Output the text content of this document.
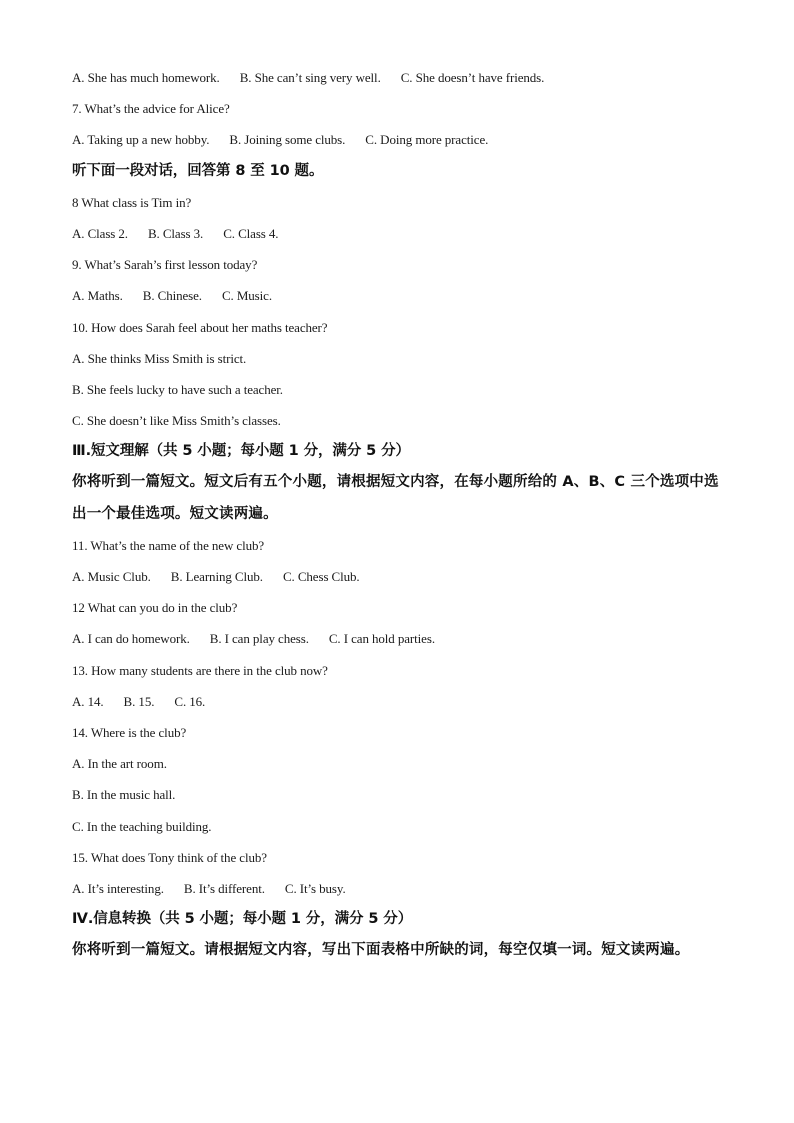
A. She has much homework. B. She can’t sing very well. C. She doesn’t have friends.
7. What’s the advice for Alice?
A. Taking up a new hobby. B. Joining some clubs. C. Doing more practice.
听下面一段对话，回答第 8 至 10 题。
8 What class is Tim in?
A. Class 2. B. Class 3. C. Class 4.
9. What’s Sarah’s first lesson today?
A. Maths. B. Chinese. C. Music.
10. How does Sarah feel about her maths teacher?
A. She thinks Miss Smith is strict.
B. She feels lucky to have such a teacher.
C. She doesn’t like Miss Smith’s classes.
Ⅲ.短文理解（共 5 小题；每小题 1 分，满分 5 分）
你将听到一篇短文。短文后有五个小题，请根据短文内容，在每小题所给的 A、B、C 三个选项中选出一个最佳选项。短文读两遍。
11. What’s the name of the new club?
A. Music Club. B. Learning Club. C. Chess Club.
12 What can you do in the club?
A. I can do homework. B. I can play chess. C. I can hold parties.
13. How many students are there in the club now?
A. 14. B. 15. C. 16.
14. Where is the club?
A. In the art room.
B. In the music hall.
C. In the teaching building.
15. What does Tony think of the club?
A. It’s interesting. B. It’s different. C. It’s busy.
Ⅳ.信息转换（共 5 小题；每小题 1 分，满分 5 分）
你将听到一篇短文。请根据短文内容，写出下面表格中所缺的词，每空仅填一词。短文读两遍。
